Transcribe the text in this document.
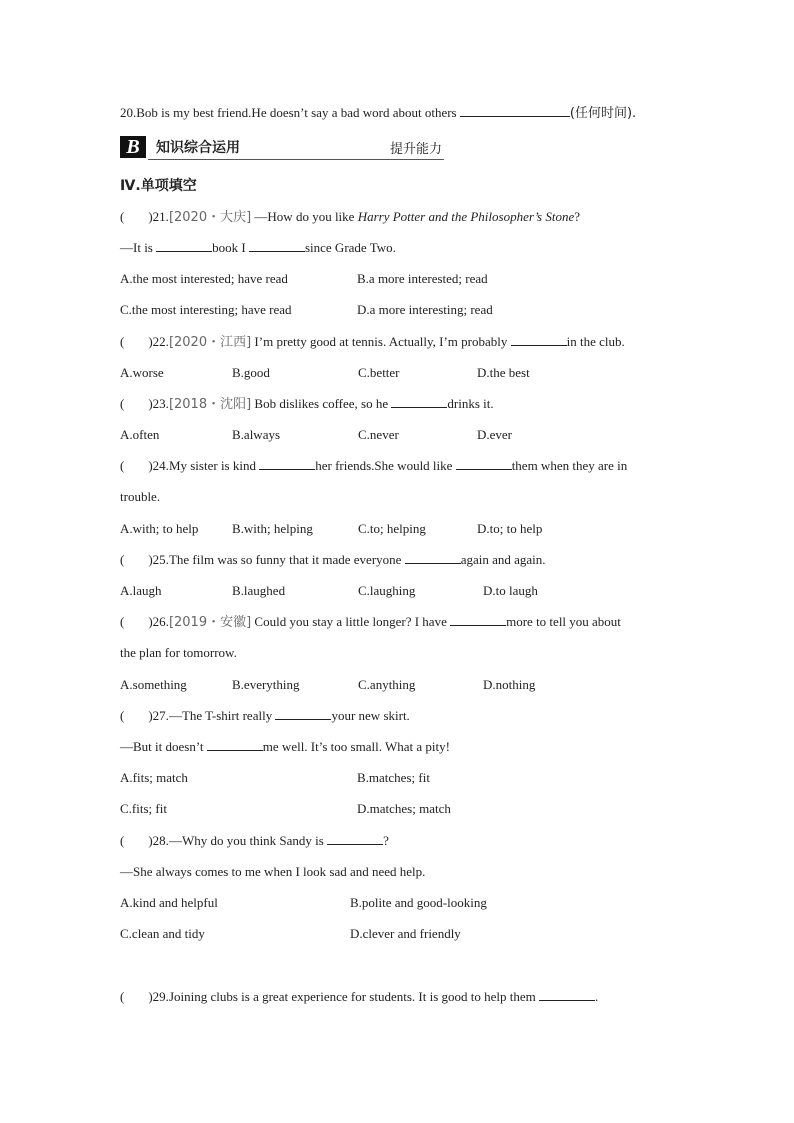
20.Bob is my best friend.He doesn’t say a bad word about others	(任何时间).
B	知识综合运用	提升能力
Ⅳ.单项填空
( )21.[2020・大庆] —How do you like Harry Potter and the Philosopher’s Stone?
—It is	book I	since Grade Two.
A.the most interested; have read	B.a more interested; read
C.the most interesting; have read	D.a more interesting; read
( )22.[2020・江西] I’m pretty good at tennis. Actually, I’m probably	in the club.
A.worse	B.good	C.better	D.the best
( )23.[2018・沈阳] Bob dislikes coffee, so he	drinks it.
A.often	B.always	C.never	D.ever
( )24.My sister is kind	her friends.She would like	them when they are in
trouble.
A.with; to help	B.with; helping	C.to; helping	D.to; to help
( )25.The film was so funny that it made everyone	again and again.
A.laugh	B.laughed	C.laughing	D.to laugh
( )26.[2019・安徽] Could you stay a little longer? I have	more to tell you about
the plan for tomorrow.
A.something	B.everything	C.anything	D.nothing
( )27.—The T-shirt really	your new skirt.
—But it doesn’t	me well. It’s too small. What a pity!
A.fits; match	B.matches; fit
C.fits; fit	D.matches; match
( )28.—Why do you think Sandy is	?
—She always comes to me when I look sad and need help.
A.kind and helpful	B.polite and good-looking
C.clean and tidy	D.clever and friendly
( )29.Joining clubs is a great experience for students. It is good to help them	.
